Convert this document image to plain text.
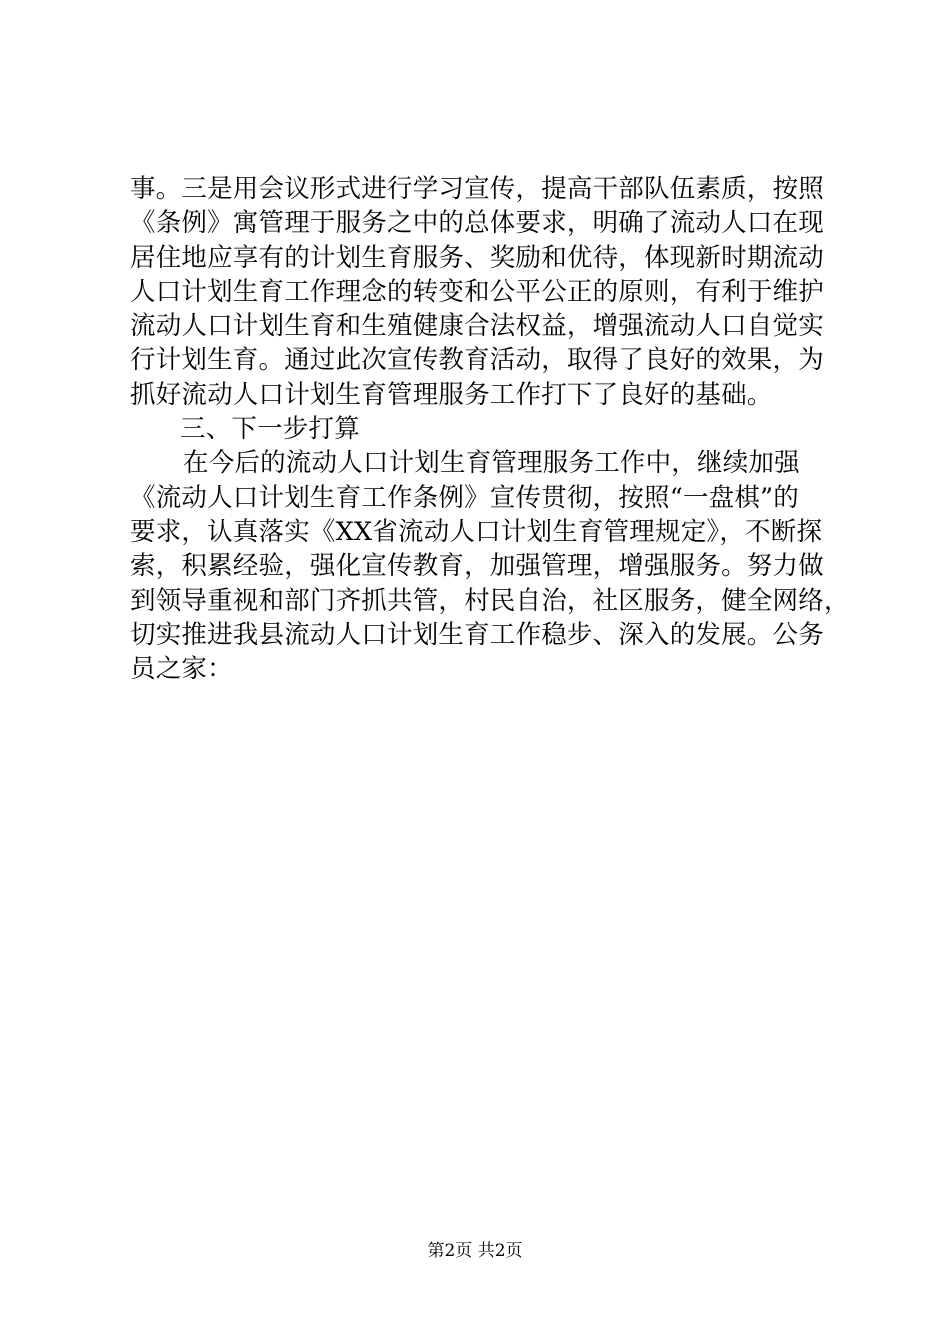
事。三是用会议形式进行学习宣传，提高干部队伍素质，按照
《条例》寓管理于服务之中的总体要求，明确了流动人口在现
居住地应享有的计划生育服务、奖励和优待，体现新时期流动
人口计划生育工作理念的转变和公平公正的原则，有利于维护
流动人口计划生育和生殖健康合法权益，增强流动人口自觉实
行计划生育。通过此次宣传教育活动，取得了良好的效果，为
抓好流动人口计划生育管理服务工作打下了良好的基础。
三、下一步打算
在今后的流动人口计划生育管理服务工作中，继续加强
《流动人口计划生育工作条例》宣传贯彻，按照“一盘棋”的
要求，认真落实《XX省流动人口计划生育管理规定》，不断探
索，积累经验，强化宣传教育，加强管理，增强服务。努力做
到领导重视和部门齐抓共管，村民自治，社区服务，健全网络，
切实推进我县流动人口计划生育工作稳步、深入的发展。公务
员之家：
第2页 共2页
